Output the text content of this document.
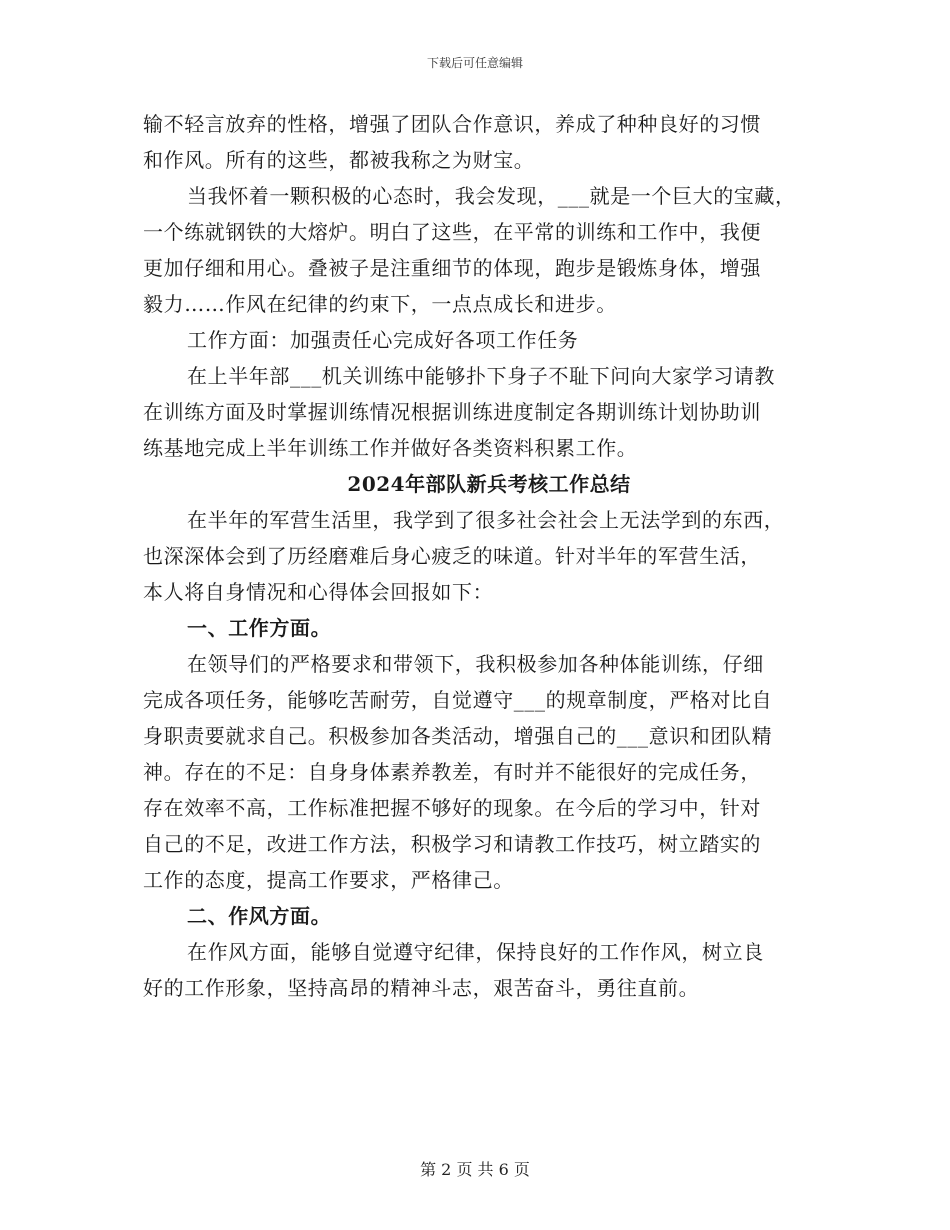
下载后可任意编辑
输不轻言放弃的性格，增强了团队合作意识，养成了种种良好的习惯
和作风。所有的这些，都被我称之为财宝。
当我怀着一颗积极的心态时，我会发现，___就是一个巨大的宝藏，
一个练就钢铁的大熔炉。明白了这些，在平常的训练和工作中，我便
更加仔细和用心。叠被子是注重细节的体现，跑步是锻炼身体，增强
毅力……作风在纪律的约束下，一点点成长和进步。
工作方面：加强责任心完成好各项工作任务
在上半年部___机关训练中能够扑下身子不耻下问向大家学习请教
在训练方面及时掌握训练情况根据训练进度制定各期训练计划协助训
练基地完成上半年训练工作并做好各类资料积累工作。
2024年部队新兵考核工作总结
在半年的军营生活里，我学到了很多社会社会上无法学到的东西，
也深深体会到了历经磨难后身心疲乏的味道。针对半年的军营生活，
本人将自身情况和心得体会回报如下：
一、工作方面。
在领导们的严格要求和带领下，我积极参加各种体能训练，仔细
完成各项任务，能够吃苦耐劳，自觉遵守___的规章制度，严格对比自
身职责要就求自己。积极参加各类活动，增强自己的___意识和团队精
神。存在的不足：自身身体素养教差，有时并不能很好的完成任务，
存在效率不高，工作标准把握不够好的现象。在今后的学习中，针对
自己的不足，改进工作方法，积极学习和请教工作技巧，树立踏实的
工作的态度，提高工作要求，严格律己。
二、作风方面。
在作风方面，能够自觉遵守纪律，保持良好的工作作风，树立良
好的工作形象，坚持高昂的精神斗志，艰苦奋斗，勇往直前。
第 2 页 共 6 页
